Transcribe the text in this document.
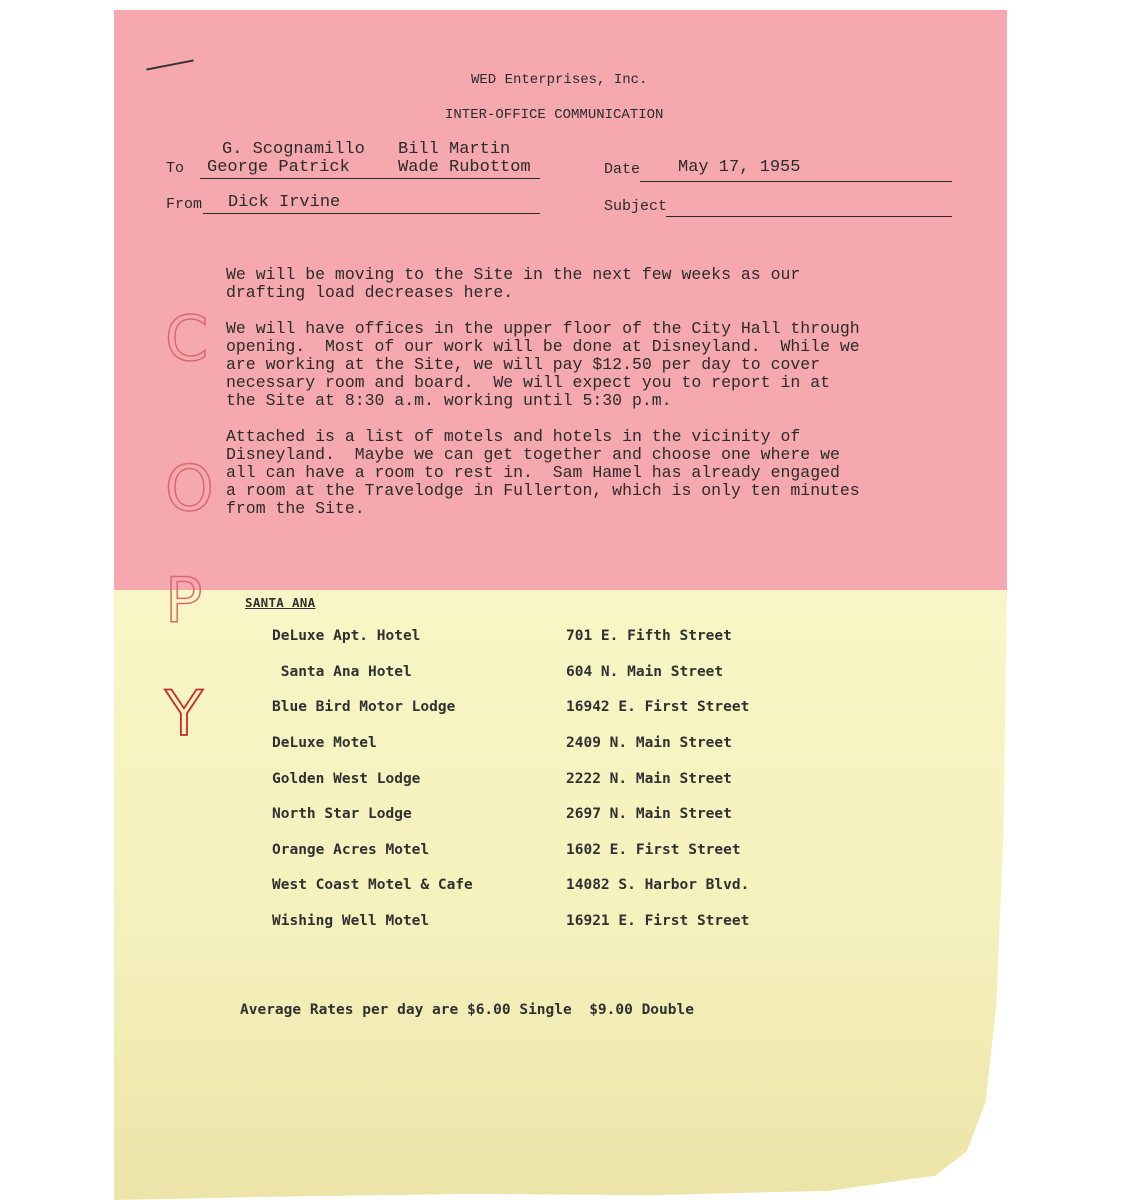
WED Enterprises, Inc.
INTER-OFFICE COMMUNICATION
To
G. Scognamillo
George Patrick
Bill Martin
Wade Rubottom	Date May 17, 1955
From Dick Irvine	Subject
We will be moving to the Site in the next few weeks as our
drafting load decreases here.
We will have offices in the upper floor of the City Hall through
opening.  Most of our work will be done at Disneyland.  While we
are working at the Site, we will pay $12.50 per day to cover
necessary room and board.  We will expect you to report in at
the Site at 8:30 a.m. working until 5:30 p.m.
Attached is a list of motels and hotels in the vicinity of
Disneyland.  Maybe we can get together and choose one where we
all can have a room to rest in.  Sam Hamel has already engaged
a room at the Travelodge in Fullerton, which is only ten minutes
from the Site.
C
O
P
Y
SANTA ANA
DeLuxe Apt. Hotel	701 E. Fifth Street
Santa Ana Hotel	604 N. Main Street
Blue Bird Motor Lodge	16942 E. First Street
DeLuxe Motel	2409 N. Main Street
Golden West Lodge	2222 N. Main Street
North Star Lodge	2697 N. Main Street
Orange Acres Motel	1602 E. First Street
West Coast Motel & Cafe	14082 S. Harbor Blvd.
Wishing Well Motel	16921 E. First Street
Average Rates per day are $6.00 Single  $9.00 Double
